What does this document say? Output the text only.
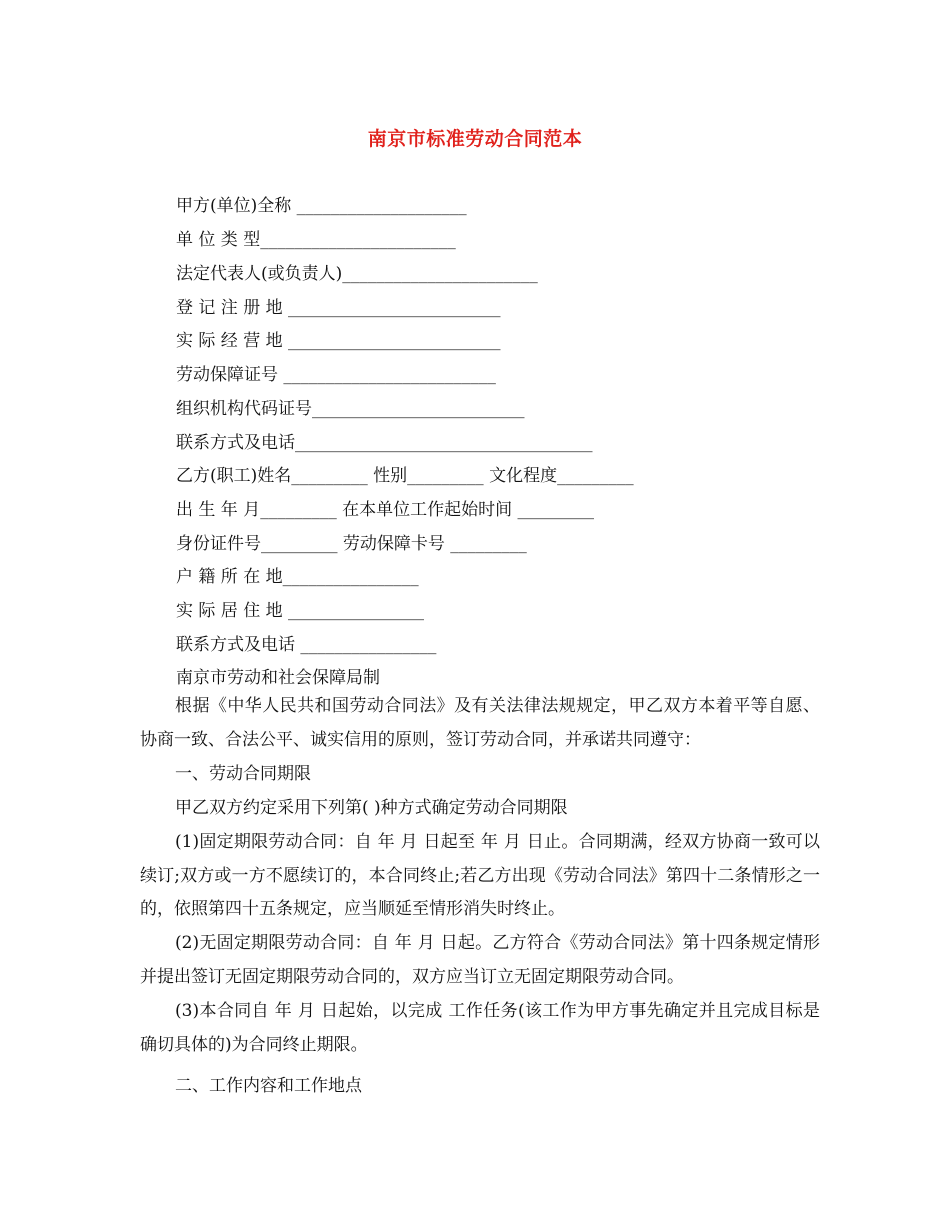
南京市标准劳动合同范本
甲方(单位)全称 ____________________
单 位 类 型_______________________
法定代表人(或负责人)_______________________
登 记 注 册 地 _________________________
实 际 经 营 地 _________________________
劳动保障证号 _________________________
组织机构代码证号_________________________
联系方式及电话___________________________________
乙方(职工)姓名_________ 性别_________ 文化程度_________
出 生 年 月_________ 在本单位工作起始时间 _________
身份证件号_________ 劳动保障卡号 _________
户 籍 所 在 地________________
实 际 居 住 地 ________________
联系方式及电话 ________________
南京市劳动和社会保障局制
根据《中华人民共和国劳动合同法》及有关法律法规规定，甲乙双方本着平等自愿、协商一致、合法公平、诚实信用的原则，签订劳动合同，并承诺共同遵守：
一、劳动合同期限
甲乙双方约定采用下列第( )种方式确定劳动合同期限
(1)固定期限劳动合同：自 年 月 日起至 年 月 日止。合同期满，经双方协商一致可以续订;双方或一方不愿续订的，本合同终止;若乙方出现《劳动合同法》第四十二条情形之一的，依照第四十五条规定，应当顺延至情形消失时终止。
(2)无固定期限劳动合同：自 年 月 日起。乙方符合《劳动合同法》第十四条规定情形并提出签订无固定期限劳动合同的，双方应当订立无固定期限劳动合同。
(3)本合同自 年 月 日起始，以完成 工作任务(该工作为甲方事先确定并且完成目标是确切具体的)为合同终止期限。
二、工作内容和工作地点
